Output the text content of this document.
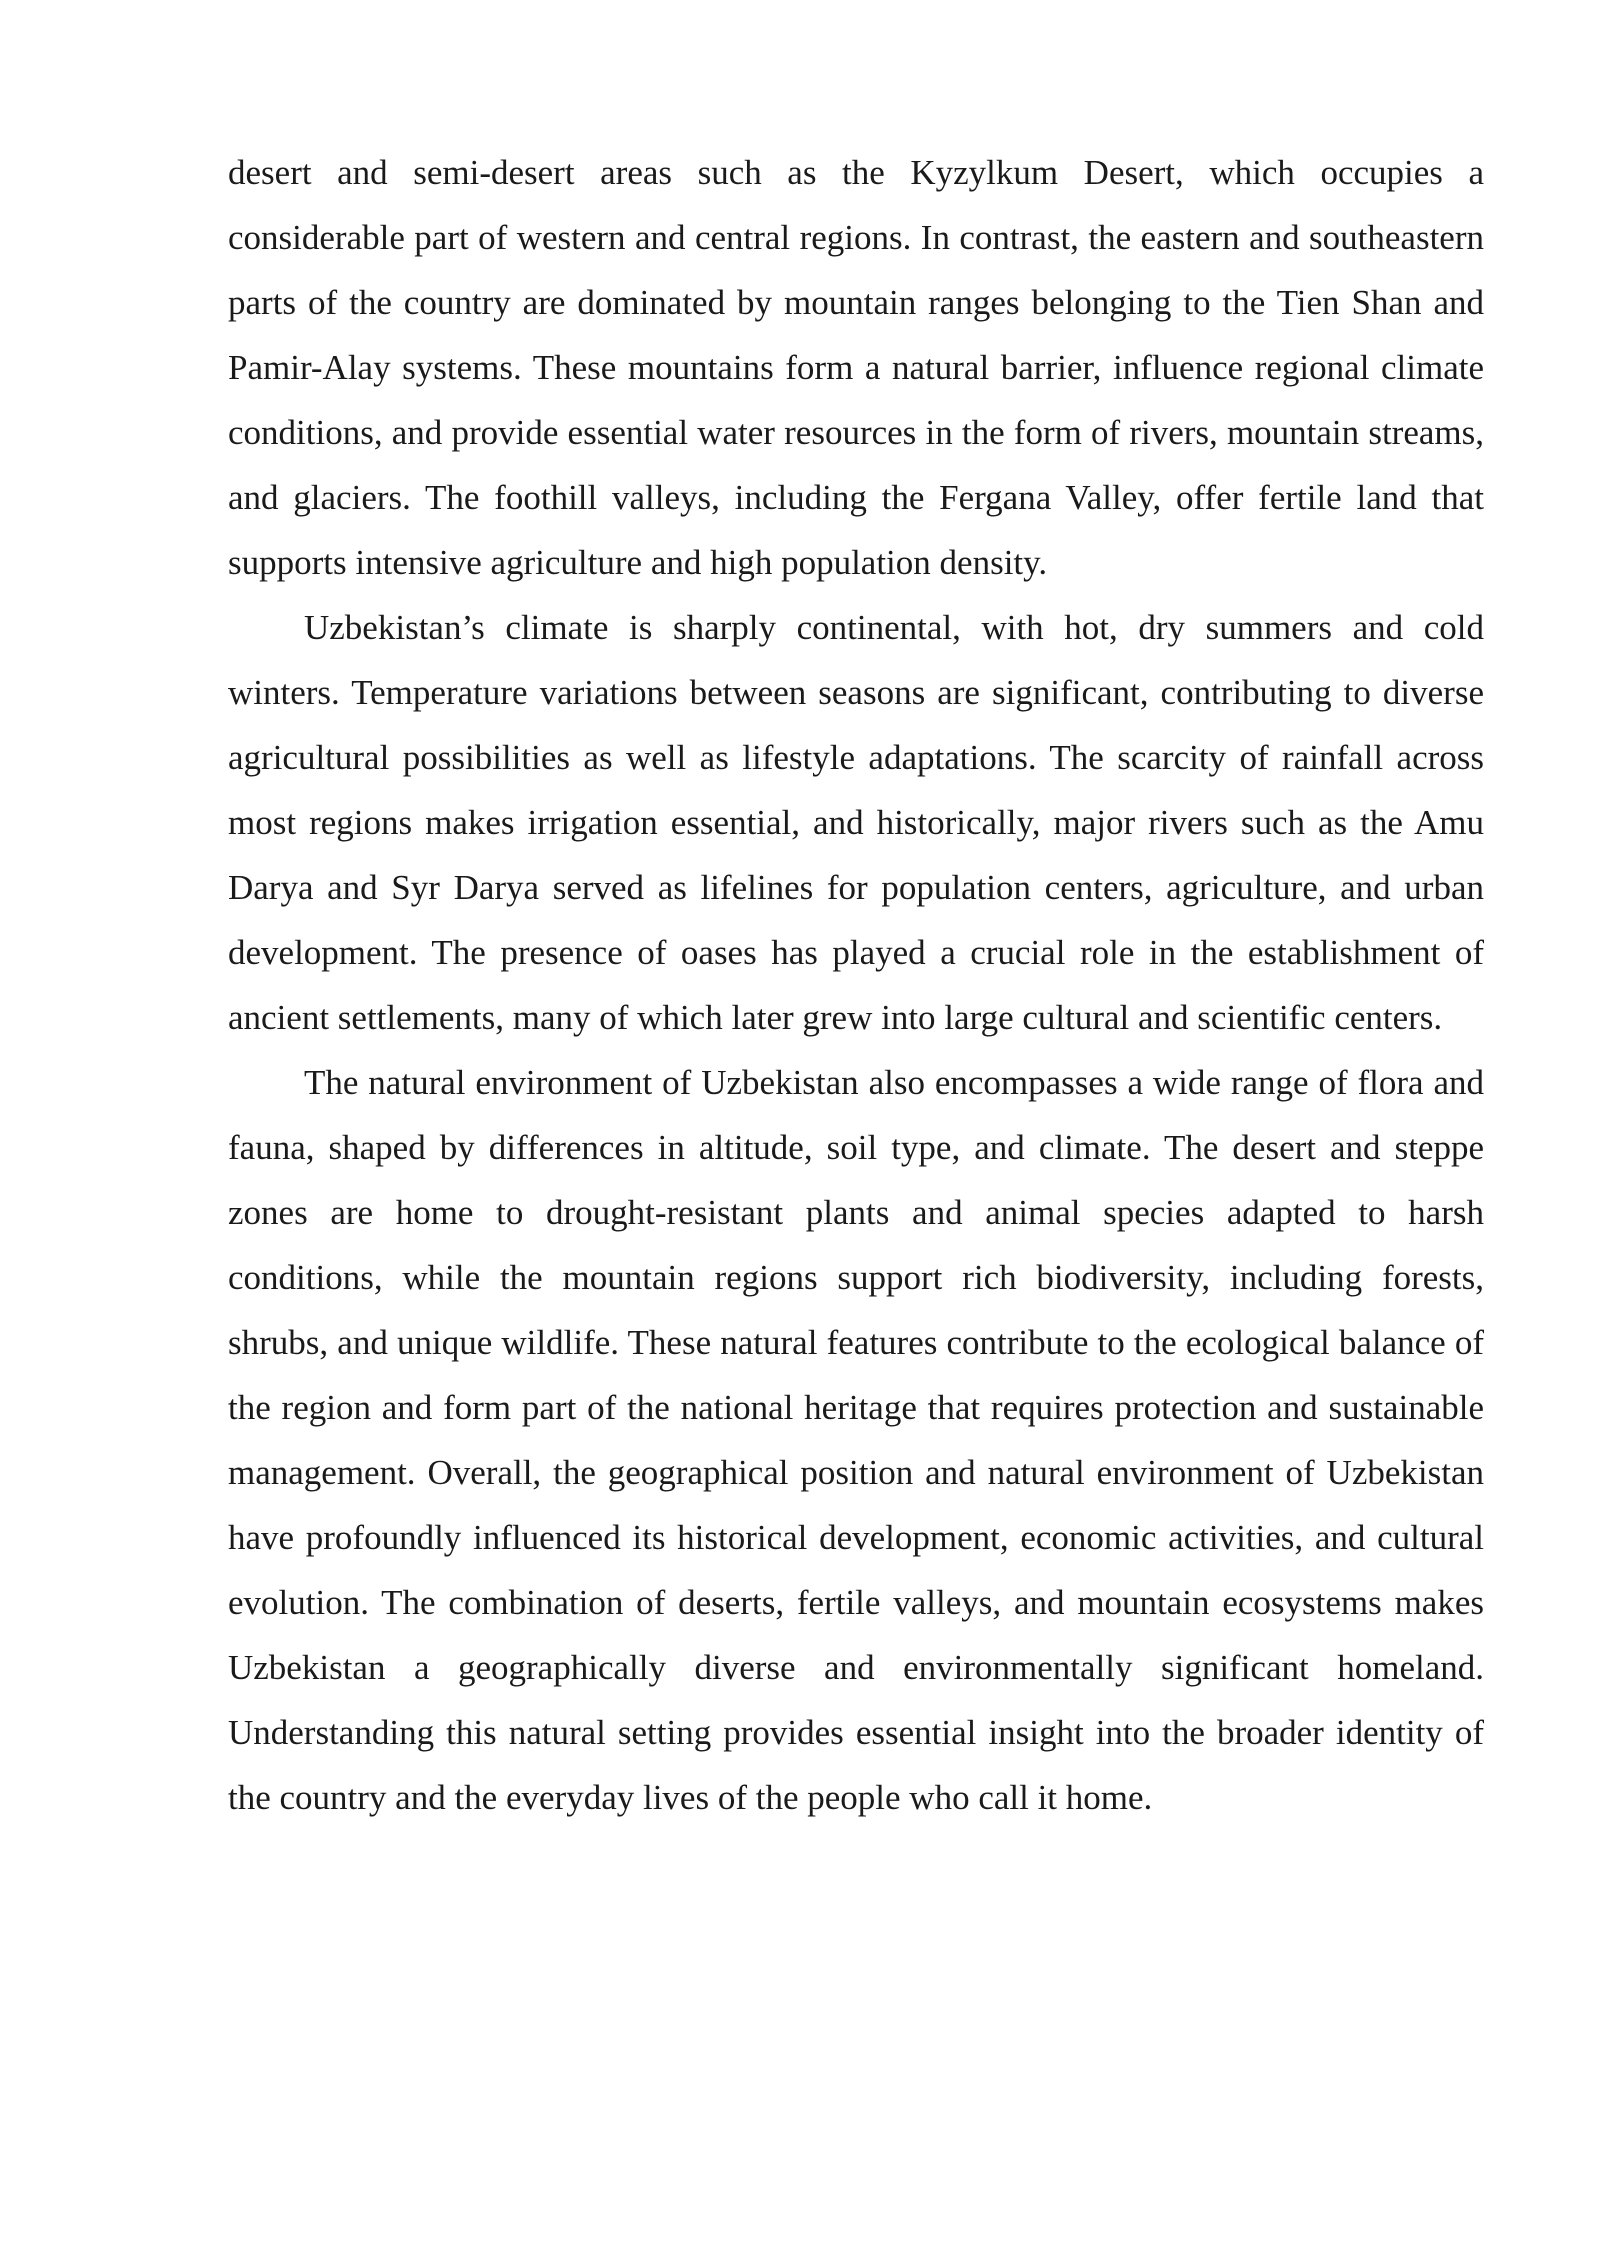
desert and semi-desert areas such as the Kyzylkum Desert, which occupies a considerable part of western and central regions. In contrast, the eastern and southeastern parts of the country are dominated by mountain ranges belonging to the Tien Shan and Pamir-Alay systems. These mountains form a natural barrier, influence regional climate conditions, and provide essential water resources in the form of rivers, mountain streams, and glaciers. The foothill valleys, including the Fergana Valley, offer fertile land that supports intensive agriculture and high population density.

Uzbekistan’s climate is sharply continental, with hot, dry summers and cold winters. Temperature variations between seasons are significant, contributing to diverse agricultural possibilities as well as lifestyle adaptations. The scarcity of rainfall across most regions makes irrigation essential, and historically, major rivers such as the Amu Darya and Syr Darya served as lifelines for population centers, agriculture, and urban development. The presence of oases has played a crucial role in the establishment of ancient settlements, many of which later grew into large cultural and scientific centers.

The natural environment of Uzbekistan also encompasses a wide range of flora and fauna, shaped by differences in altitude, soil type, and climate. The desert and steppe zones are home to drought-resistant plants and animal species adapted to harsh conditions, while the mountain regions support rich biodiversity, including forests, shrubs, and unique wildlife. These natural features contribute to the ecological balance of the region and form part of the national heritage that requires protection and sustainable management. Overall, the geographical position and natural environment of Uzbekistan have profoundly influenced its historical development, economic activities, and cultural evolution. The combination of deserts, fertile valleys, and mountain ecosystems makes Uzbekistan a geographically diverse and environmentally significant homeland. Understanding this natural setting provides essential insight into the broader identity of the country and the everyday lives of the people who call it home.
